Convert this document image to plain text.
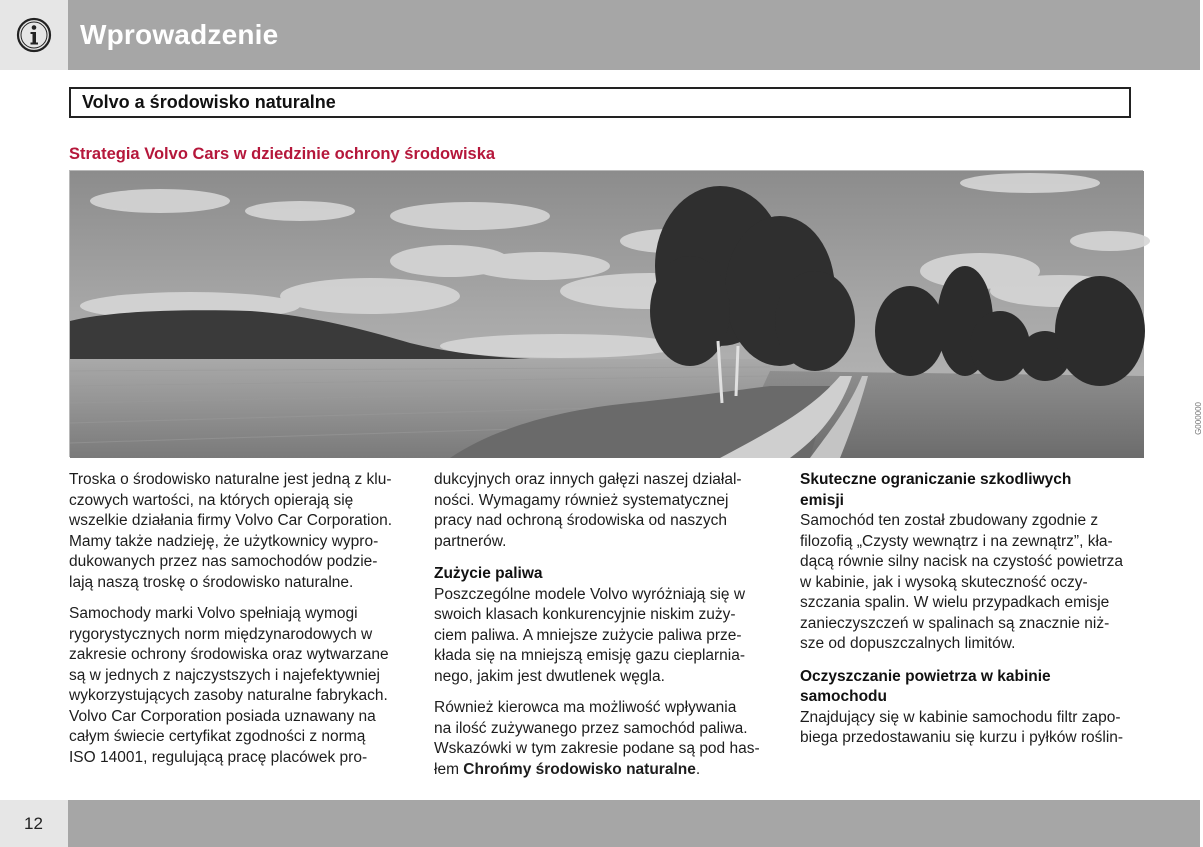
Wprowadzenie
Volvo a środowisko naturalne
Strategia Volvo Cars w dziedzinie ochrony środowiska
G000000

Troska o środowisko naturalne jest jedną z klu-
czowych wartości, na których opierają się
wszelkie działania firmy Volvo Car Corporation.
Mamy także nadzieję, że użytkownicy wypro-
dukowanych przez nas samochodów podzie-
lają naszą troskę o środowisko naturalne.

Samochody marki Volvo spełniają wymogi
rygorystycznych norm międzynarodowych w
zakresie ochrony środowiska oraz wytwarzane
są w jednych z najczystszych i najefektywniej
wykorzystujących zasoby naturalne fabrykach.
Volvo Car Corporation posiada uznawany na
całym świecie certyfikat zgodności z normą
ISO 14001, regulującą pracę placówek pro-

dukcyjnych oraz innych gałęzi naszej działal-
ności. Wymagamy również systematycznej
pracy nad ochroną środowiska od naszych
partnerów.

Zużycie paliwa

Poszczególne modele Volvo wyróżniają się w
swoich klasach konkurencyjnie niskim zuży-
ciem paliwa. A mniejsze zużycie paliwa prze-
kłada się na mniejszą emisję gazu cieplarnia-
nego, jakim jest dwutlenek węgla.

Również kierowca ma możliwość wpływania
na ilość zużywanego przez samochód paliwa.
Wskazówki w tym zakresie podane są pod has-
łem Chrońmy środowisko naturalne.

Skuteczne ograniczanie szkodliwych
emisji

Samochód ten został zbudowany zgodnie z
filozofią „Czysty wewnątrz i na zewnątrz”, kła-
dącą równie silny nacisk na czystość powietrza
w kabinie, jak i wysoką skuteczność oczy-
szczania spalin. W wielu przypadkach emisje
zanieczyszczeń w spalinach są znacznie niż-
sze od dopuszczalnych limitów.

Oczyszczanie powietrza w kabinie
samochodu

Znajdujący się w kabinie samochodu filtr zapo-
biega przedostawaniu się kurzu i pyłków roślin-

12
